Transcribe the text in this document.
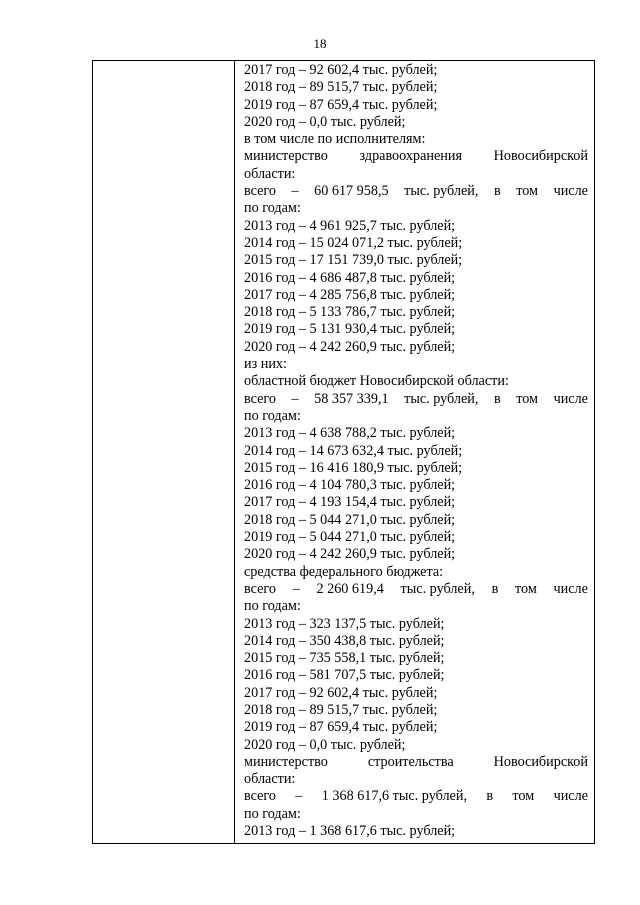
18
2017 год – 92 602,4 тыс. рублей;
2018 год – 89 515,7 тыс. рублей;
2019 год – 87 659,4 тыс. рублей;
2020 год – 0,0 тыс. рублей;
в том числе по исполнителям:
министерство здравоохранения Новосибирской
области:
всего – 60 617 958,5 тыс. рублей, в том числе
по годам:
2013 год – 4 961 925,7 тыс. рублей;
2014 год – 15 024 071,2 тыс. рублей;
2015 год – 17 151 739,0 тыс. рублей;
2016 год – 4 686 487,8 тыс. рублей;
2017 год – 4 285 756,8 тыс. рублей;
2018 год – 5 133 786,7 тыс. рублей;
2019 год – 5 131 930,4 тыс. рублей;
2020 год – 4 242 260,9 тыс. рублей;
из них:
областной бюджет Новосибирской области:
всего – 58 357 339,1 тыс. рублей, в том числе
по годам:
2013 год – 4 638 788,2 тыс. рублей;
2014 год – 14 673 632,4 тыс. рублей;
2015 год – 16 416 180,9 тыс. рублей;
2016 год – 4 104 780,3 тыс. рублей;
2017 год – 4 193 154,4 тыс. рублей;
2018 год – 5 044 271,0 тыс. рублей;
2019 год – 5 044 271,0 тыс. рублей;
2020 год – 4 242 260,9 тыс. рублей;
средства федерального бюджета:
всего – 2 260 619,4 тыс. рублей, в том числе
по годам:
2013 год – 323 137,5 тыс. рублей;
2014 год – 350 438,8 тыс. рублей;
2015 год – 735 558,1 тыс. рублей;
2016 год – 581 707,5 тыс. рублей;
2017 год – 92 602,4 тыс. рублей;
2018 год – 89 515,7 тыс. рублей;
2019 год – 87 659,4 тыс. рублей;
2020 год – 0,0 тыс. рублей;
министерство	строительства	Новосибирской
области:
всего – 1 368 617,6 тыс. рублей, в том числе
по годам:
2013 год – 1 368 617,6 тыс. рублей;
